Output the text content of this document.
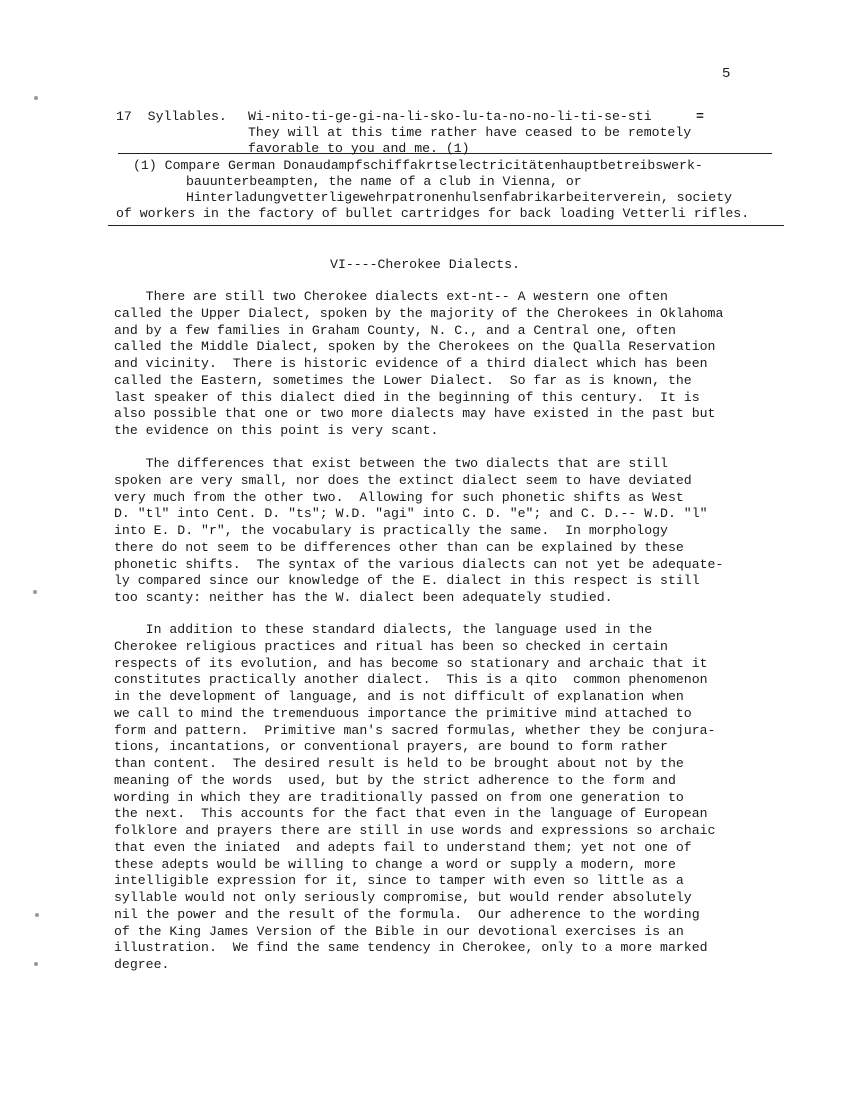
5
17  Syllables. Wi-nito-ti-ge-gi-na-li-sko-lu-ta-no-no-li-ti-se-sti	=
They will at this time rather have ceased to be remotely
favorable to you and me. (1)
(1) Compare German Donaudampfschiffakrtselectricitätenhauptbetreibswerk-
bauunterbeampten, the name of a club in Vienna, or
Hinterladungvetterligewehrpatronenhulsenfabrikarbeiterverein, society
of workers in the factory of bullet cartridges for back loading Vetterli rifles.
VI----Cherokee Dialects.
There are still two Cherokee dialects ext-nt-- A western one often
called the Upper Dialect, spoken by the majority of the Cherokees in Oklahoma
and by a few families in Graham County, N. C., and a Central one, often
called the Middle Dialect, spoken by the Cherokees on the Qualla Reservation
and vicinity.  There is historic evidence of a third dialect which has been
called the Eastern, sometimes the Lower Dialect.  So far as is known, the
last speaker of this dialect died in the beginning of this century.  It is
also possible that one or two more dialects may have existed in the past but
the evidence on this point is very scant.
The differences that exist between the two dialects that are still
spoken are very small, nor does the extinct dialect seem to have deviated
very much from the other two.  Allowing for such phonetic shifts as West
D. "tl" into Cent. D. "ts"; W.D. "agi" into C. D. "e"; and C. D.-- W.D. "l"
into E. D. "r", the vocabulary is practically the same.  In morphology
there do not seem to be differences other than can be explained by these
phonetic shifts.  The syntax of the various dialects can not yet be adequate-
ly compared since our knowledge of the E. dialect in this respect is still
too scanty: neither has the W. dialect been adequately studied.
In addition to these standard dialects, the language used in the
Cherokee religious practices and ritual has been so checked in certain
respects of its evolution, and has become so stationary and archaic that it
constitutes practically another dialect.  This is a qito  common phenomenon
in the development of language, and is not difficult of explanation when
we call to mind the tremenduous importance the primitive mind attached to
form and pattern.  Primitive man's sacred formulas, whether they be conjura-
tions, incantations, or conventional prayers, are bound to form rather
than content.  The desired result is held to be brought about not by the
meaning of the words  used, but by the strict adherence to the form and
wording in which they are traditionally passed on from one generation to
the next.  This accounts for the fact that even in the language of European
folklore and prayers there are still in use words and expressions so archaic
that even the iniated  and adepts fail to understand them; yet not one of
these adepts would be willing to change a word or supply a modern, more
intelligible expression for it, since to tamper with even so little as a
syllable would not only seriously compromise, but would render absolutely
nil the power and the result of the formula.  Our adherence to the wording
of the King James Version of the Bible in our devotional exercises is an
illustration.  We find the same tendency in Cherokee, only to a more marked
degree.
